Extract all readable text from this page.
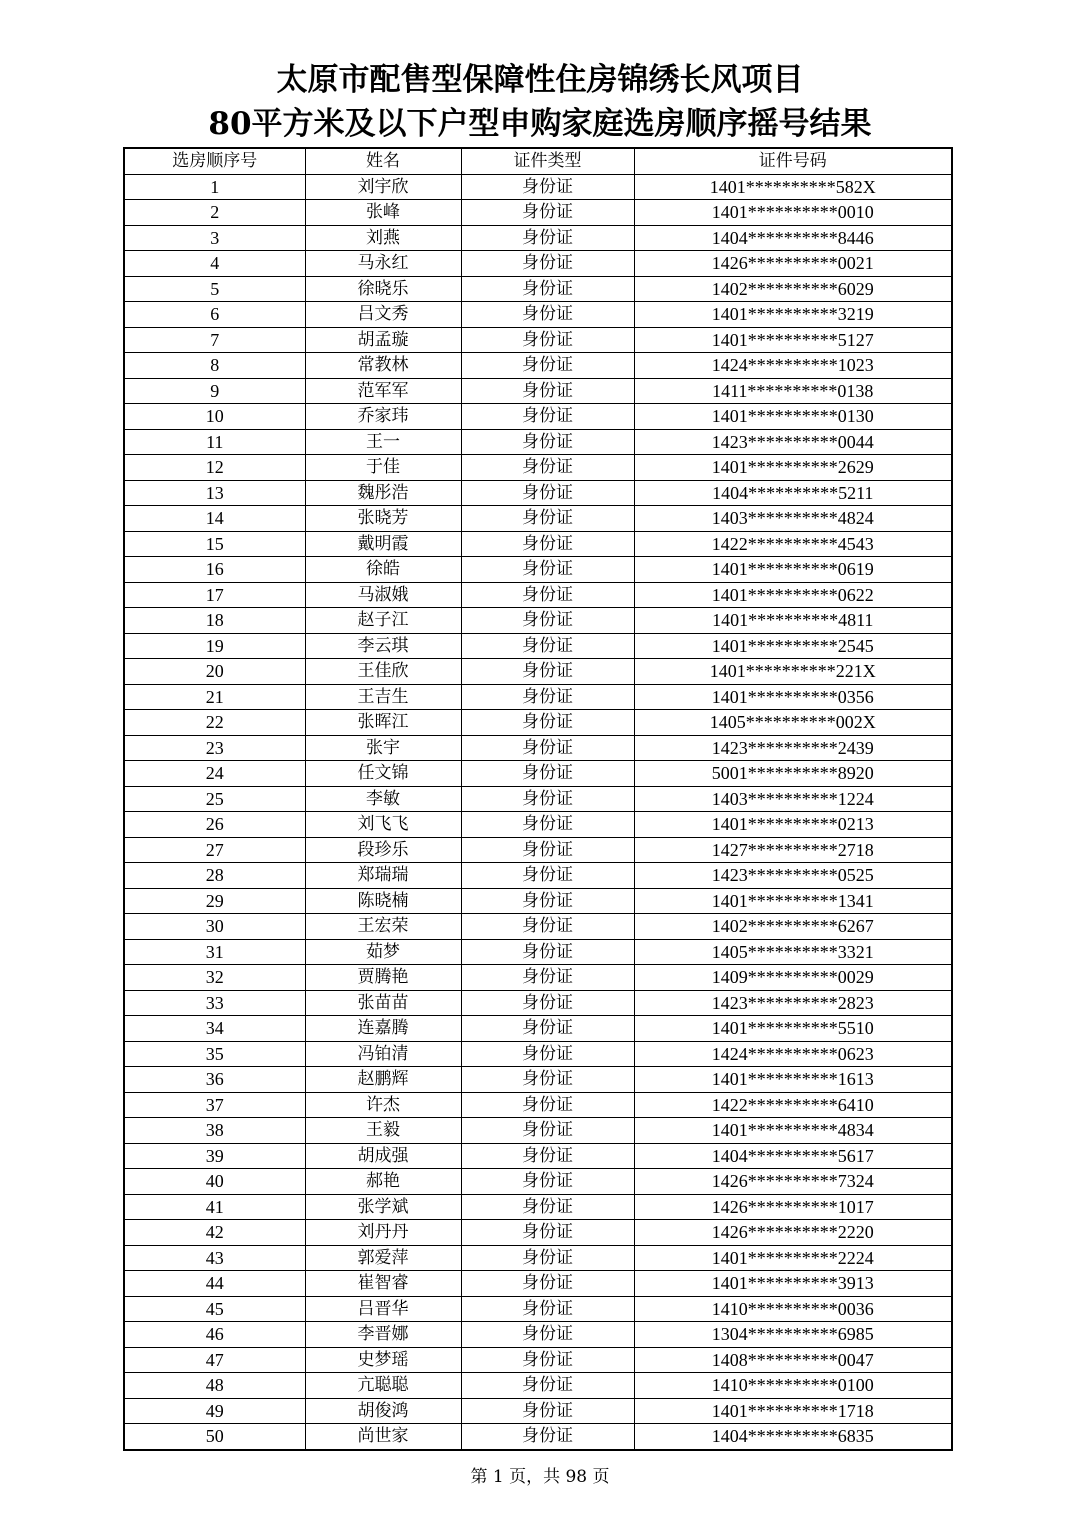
太原市配售型保障性住房锦绣长风项目
80平方米及以下户型申购家庭选房顺序摇号结果
选房顺序号	姓名	证件类型	证件号码
1	刘宇欣	身份证	1401**********582X
2	张峰	身份证	1401**********0010
3	刘燕	身份证	1404**********8446
4	马永红	身份证	1426**********0021
5	徐晓乐	身份证	1402**********6029
6	吕文秀	身份证	1401**********3219
7	胡孟璇	身份证	1401**********5127
8	常教林	身份证	1424**********1023
9	范军军	身份证	1411**********0138
10	乔家玮	身份证	1401**********0130
11	王一	身份证	1423**********0044
12	于佳	身份证	1401**********2629
13	魏彤浩	身份证	1404**********5211
14	张晓芳	身份证	1403**********4824
15	戴明霞	身份证	1422**********4543
16	徐皓	身份证	1401**********0619
17	马淑娥	身份证	1401**********0622
18	赵子江	身份证	1401**********4811
19	李云琪	身份证	1401**********2545
20	王佳欣	身份证	1401**********221X
21	王吉生	身份证	1401**********0356
22	张晖江	身份证	1405**********002X
23	张宇	身份证	1423**********2439
24	任文锦	身份证	5001**********8920
25	李敏	身份证	1403**********1224
26	刘飞飞	身份证	1401**********0213
27	段珍乐	身份证	1427**********2718
28	郑瑞瑞	身份证	1423**********0525
29	陈晓楠	身份证	1401**********1341
30	王宏荣	身份证	1402**********6267
31	茹梦	身份证	1405**********3321
32	贾腾艳	身份证	1409**********0029
33	张苗苗	身份证	1423**********2823
34	连嘉腾	身份证	1401**********5510
35	冯铂清	身份证	1424**********0623
36	赵鹏辉	身份证	1401**********1613
37	许杰	身份证	1422**********6410
38	王毅	身份证	1401**********4834
39	胡成强	身份证	1404**********5617
40	郝艳	身份证	1426**********7324
41	张学斌	身份证	1426**********1017
42	刘丹丹	身份证	1426**********2220
43	郭爱萍	身份证	1401**********2224
44	崔智睿	身份证	1401**********3913
45	吕晋华	身份证	1410**********0036
46	李晋娜	身份证	1304**********6985
47	史梦瑶	身份证	1408**********0047
48	亢聪聪	身份证	1410**********0100
49	胡俊鸿	身份证	1401**********1718
50	尚世家	身份证	1404**********6835
第 1 页，共 98 页
